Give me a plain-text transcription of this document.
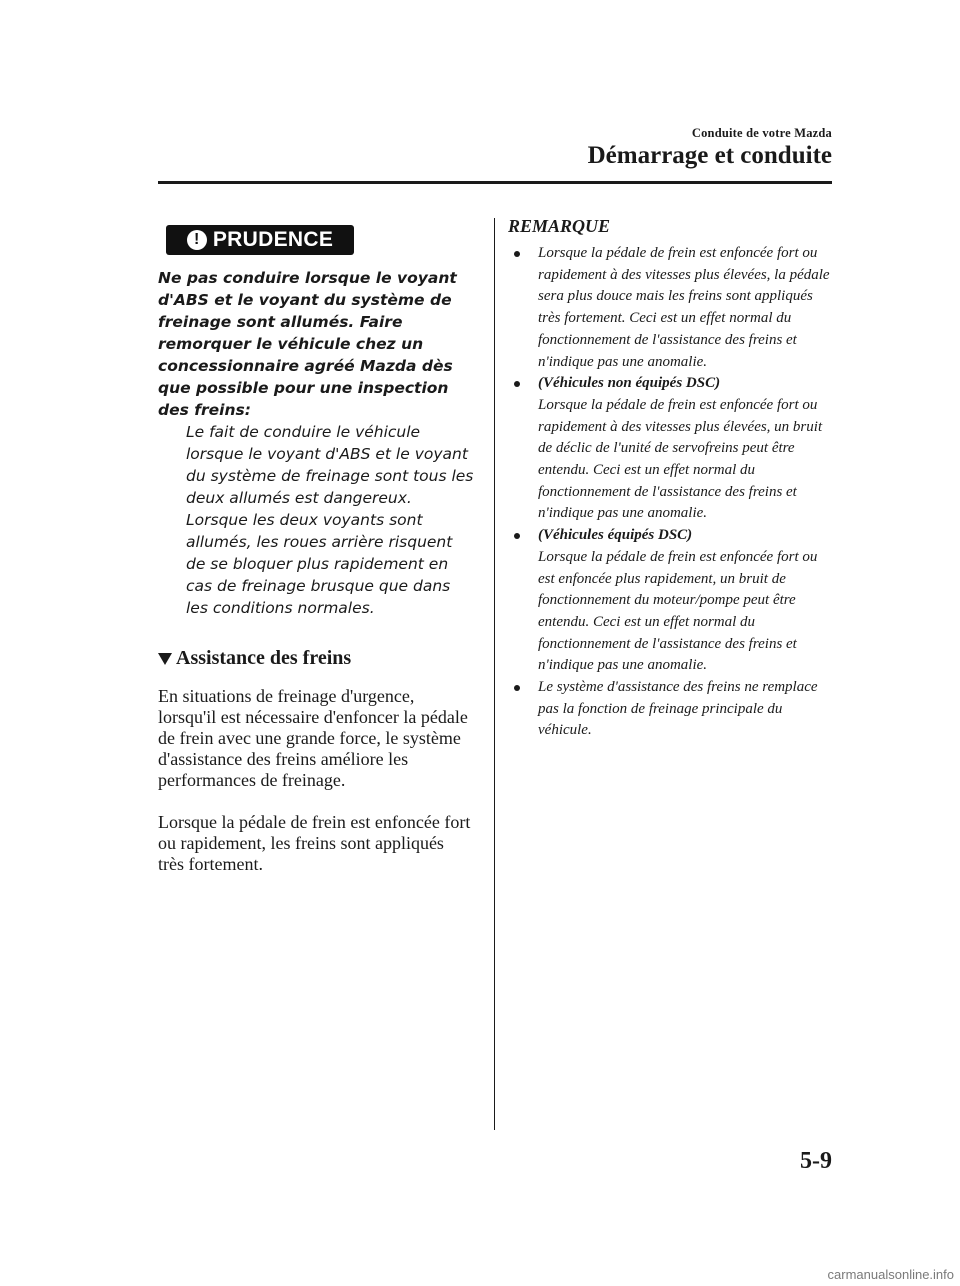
Conduite de votre Mazda
Démarrage et conduite
! PRUDENCE

Ne pas conduire lorsque le voyant d'ABS et le voyant du système de freinage sont allumés. Faire remorquer le véhicule chez un concessionnaire agréé Mazda dès que possible pour une inspection des freins:

Le fait de conduire le véhicule lorsque le voyant d'ABS et le voyant du système de freinage sont tous les deux allumés est dangereux. Lorsque les deux voyants sont allumés, les roues arrière risquent de se bloquer plus rapidement en cas de freinage brusque que dans les conditions normales.

Assistance des freins

En situations de freinage d'urgence, lorsqu'il est nécessaire d'enfoncer la pédale de frein avec une grande force, le système d'assistance des freins améliore les performances de freinage.

Lorsque la pédale de frein est enfoncée fort ou rapidement, les freins sont appliqués très fortement.

REMARQUE
Lorsque la pédale de frein est enfoncée fort ou rapidement à des vitesses plus élevées, la pédale sera plus douce mais les freins sont appliqués très fortement. Ceci est un effet normal du fonctionnement de l'assistance des freins et n'indique pas une anomalie.
(Véhicules non équipés DSC)
Lorsque la pédale de frein est enfoncée fort ou rapidement à des vitesses plus élevées, un bruit de déclic de l'unité de servofreins peut être entendu. Ceci est un effet normal du fonctionnement de l'assistance des freins et n'indique pas une anomalie.
(Véhicules équipés DSC)
Lorsque la pédale de frein est enfoncée fort ou est enfoncée plus rapidement, un bruit de fonctionnement du moteur/pompe peut être entendu. Ceci est un effet normal du fonctionnement de l'assistance des freins et n'indique pas une anomalie.
Le système d'assistance des freins ne remplace pas la fonction de freinage principale du véhicule.
5-9
carmanualsonline.info
